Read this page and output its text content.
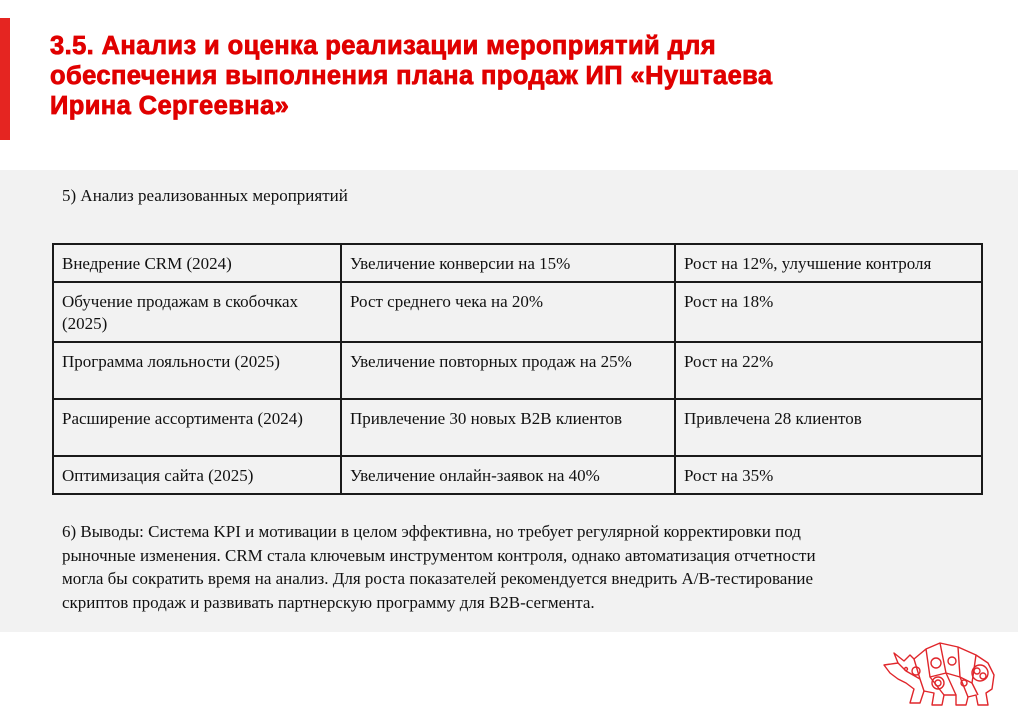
3.5. Анализ и оценка реализации мероприятий для
обеспечения выполнения плана продаж ИП «Нуштаева
Ирина Сергеевна»
5) Анализ реализованных мероприятий
Внедрение CRM (2024)	Увеличение конверсии на 15%	Рост на 12%, улучшение контроля
Обучение продажам в скобочках (2025)	Рост среднего чека на 20%	Рост на 18%
Программа лояльности (2025)	Увеличение повторных продаж на 25%	Рост на 22%
Расширение ассортимента (2024)	Привлечение 30 новых B2B клиентов	Привлечена 28 клиентов
Оптимизация сайта (2025)	Увеличение онлайн-заявок на 40%	Рост на 35%
6) Выводы: Система KPI и мотивации в целом эффективна, но требует регулярной корректировки под
рыночные изменения. CRM стала ключевым инструментом контроля, однако автоматизация отчетности
могла бы сократить время на анализ. Для роста показателей рекомендуется внедрить A/B-тестирование
скриптов продаж и развивать партнерскую программу для B2B-сегмента.
